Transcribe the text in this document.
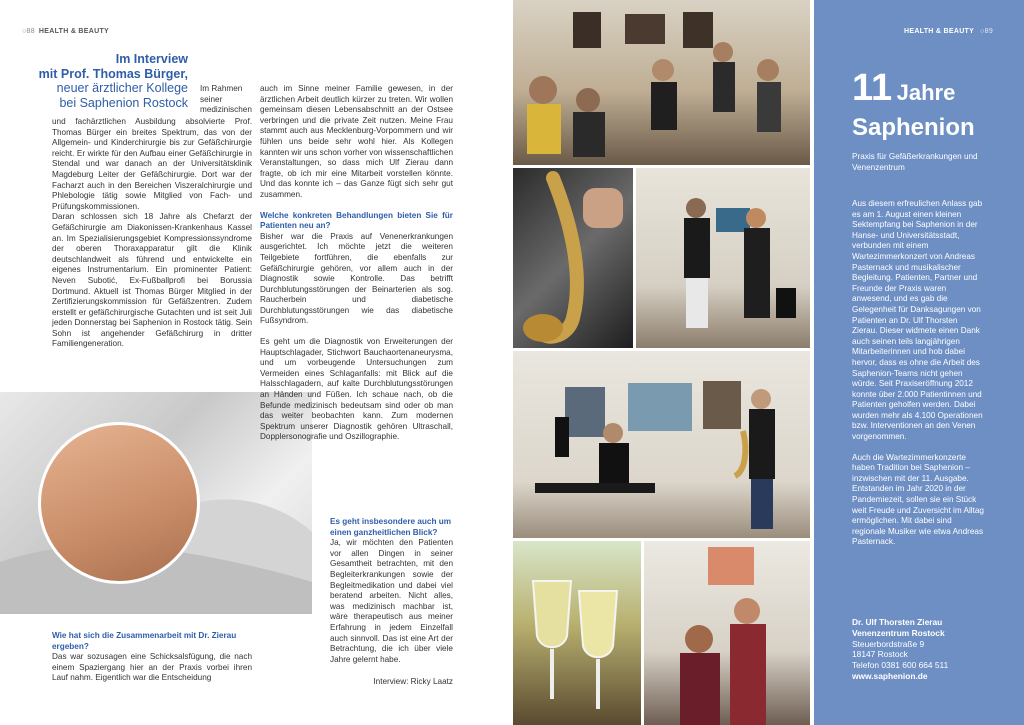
○88 HEALTH & BEAUTY
Im Interview
mit Prof. Thomas Bürger,
neuer ärztlicher Kollege
bei Saphenion Rostock
Im Rahmen seiner medizinischen
und fachärztlichen Ausbildung absolvierte Prof. Thomas Bürger ein breites Spektrum, das von der Allgemein- und Kinderchirurgie bis zur Gefäßchirurgie reicht. Er wirkte für den Aufbau einer Gefäßchirurgie in Stendal und war danach an der Universitätsklinik Magdeburg Leiter der Gefäßchirurgie. Dort war der Facharzt auch in den Bereichen Viszeralchirurgie und Phlebologie tätig sowie Mitglied von Fach- und Prüfungskommissionen.
Daran schlossen sich 18 Jahre als Chefarzt der Gefäßchirurgie am Diakonissen-Krankenhaus Kassel an. Im Spezialisierungsgebiet Kompressionssyndrome der oberen Thoraxapparatur gilt die Klinik deutschlandweit als führend und entwickelte ein eigenes Instrumentarium. Ein prominenter Patient: Neven Subotić, Ex-Fußballprofi bei Borussia Dortmund. Aktuell ist Thomas Bürger Mitglied in der Zertifizierungskommission für Gefäßzentren. Zudem erstellt er gefäßchirurgische Gutachten und ist seit Juli jeden Donnerstag bei Saphenion in Rostock tätig. Sein Sohn ist angehender Gefäßchirurg in dritter Familiengeneration.
Wie hat sich die Zusammenarbeit mit Dr. Zierau ergeben?
Das war sozusagen eine Schicksalsfügung, die nach einem Spaziergang hier an der Praxis vorbei ihren Lauf nahm. Eigentlich war die Entscheidung
auch im Sinne meiner Familie gewesen, in der ärztlichen Arbeit deutlich kürzer zu treten. Wir wollen gemeinsam diesen Lebensabschnitt an der Ostsee verbringen und die private Zeit nutzen. Meine Frau stammt auch aus Mecklenburg-Vorpommern und wir fühlen uns beide sehr wohl hier. Als Kollegen kannten wir uns schon vorher von wissenschaftlichen Veranstaltungen, so dass mich Ulf Zierau dann fragte, ob ich mir eine Mitarbeit vorstellen könnte. Und das konnte ich – das Ganze fügt sich sehr gut zusammen.
Welche konkreten Behandlungen bieten Sie für Patienten neu an?
Bisher war die Praxis auf Venenerkrankungen ausgerichtet. Ich möchte jetzt die weiteren Teilgebiete fortführen, die ebenfalls zur Gefäßchirurgie gehören, vor allem auch in der Diagnostik sowie Kontrolle. Das betrifft Durchblutungsstörungen der Beinarterien als sog. Raucherbein und diabetische Durchblutungsstörungen wie das diabetische Fußsyndrom.
Es geht um die Diagnostik von Erweiterungen der Hauptschlagader, Stichwort Bauchaortenaneurysma, und um vorbeugende Untersuchungen zum Vermeiden eines Schlaganfalls: mit Blick auf die Halsschlagadern, auf kalte Durchblutungsstörungen an Händen und Füßen. Ich schaue nach, ob die Befunde medizinisch bedeutsam sind oder ob man das weiter beobachten kann. Zum modernen Spektrum unserer Diagnostik gehören Ultraschall, Dopplersonografie und Oszillographie.
Es geht insbesondere auch um einen ganzheitlichen Blick?
Ja, wir möchten den Patienten vor allen Dingen in seiner Gesamtheit betrachten, mit den Begleiterkrankungen sowie der Begleitmedikation und dabei viel beratend arbeiten. Nicht alles, was medizinisch machbar ist, wäre therapeutisch aus meiner Erfahrung in jedem Einzelfall auch sinnvoll. Das ist eine Art der Betrachtung, die ich über viele Jahre gelernt habe.
Interview: Ricky Laatz
HEALTH & BEAUTY ○89
11 Jahre
Saphenion
Praxis für Gefäßerkrankungen und Venenzentrum
Aus diesem erfreulichen Anlass gab es am 1. August einen kleinen Sektempfang bei Saphenion in der Hanse- und Universitätsstadt, verbunden mit einem Wartezimmerkonzert von Andreas Pasternack und musikalischer Begleitung. Patienten, Partner und Freunde der Praxis waren anwesend, und es gab die Gelegenheit für Danksagungen von Patienten an Dr. Ulf Thorsten Zierau. Dieser widmete einen Dank auch seinen teils langjährigen Mitarbeiterinnen und hob dabei hervor, dass es ohne die Arbeit des Saphenion-Teams nicht gehen würde. Seit Praxiseröffnung 2012 konnte über 2.000 Patientinnen und Patienten geholfen werden. Dabei wurden mehr als 4.100 Operationen bzw. Interventionen an den Venen vorgenommen.
Auch die Wartezimmerkonzerte haben Tradition bei Saphenion – inzwischen mit der 11. Ausgabe. Entstanden im Jahr 2020 in der Pandemiezeit, sollen sie ein Stück weit Freude und Zuversicht im Alltag ermöglichen. Mit dabei sind regionale Musiker wie etwa Andreas Pasternack.
Dr. Ulf Thorsten Zierau
Venenzentrum Rostock
Steuerbordstraße 9
18147 Rostock
Telefon 0381 600 664 511
www.saphenion.de
